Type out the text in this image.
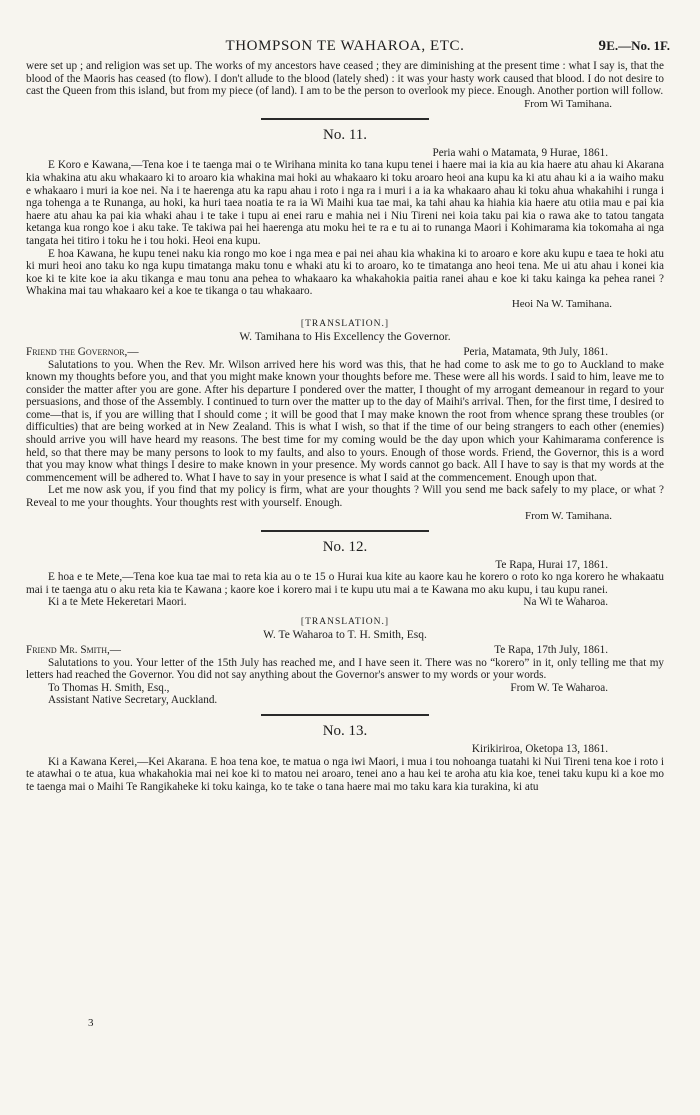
THOMPSON TE WAHAROA, ETC.	9 E.—No. 1F.

were set up ; and religion was set up. The works of my ancestors have ceased ; they are diminishing at the present time : what I say is, that the blood of the Maoris has ceased (to flow). I don't allude to the blood (lately shed) : it was your hasty work caused that blood. I do not desire to cast the Queen from this island, but from my piece (of land). I am to be the person to overlook my piece. Enough. Another portion will follow.

From Wi Tamihana.
No. 11.
Peria wahi o Matamata, 9 Hurae, 1861.

E Koro e Kawana,—Tena koe i te taenga mai o te Wirihana minita ko tana kupu tenei i haere mai ia kia au kia haere atu ahau ki Akarana kia whakina atu aku whakaaro ki to aroaro kia whakina mai hoki au whakaaro ki toku aroaro heoi ana kupu ka ki atu ahau ki a ia waiho maku e whakaaro i muri ia koe nei. Na i te haerenga atu ka rapu ahau i roto i nga ra i muri i a ia ka whakaaro ahau ki toku ahua whakahihi i runga i nga tohenga a te Runanga, au hoki, ka huri taea noatia te ra ia Wi Maihi kua tae mai, ka tahi ahau ka hiahia kia haere atu otiia mau e pai kia haere atu ahau ka pai kia whaki ahau i te take i tupu ai enei raru e mahia nei i Niu Tireni nei koia taku pai kia o rawa ake to tatou tangata ketanga kua rongo koe i aku take. Te takiwa pai hei haerenga atu moku hei te ra e tu ai to runanga Maori i Kohimarama kia tokomaha ai nga tangata hei titiro i toku he i tou hoki. Heoi ena kupu.

E hoa Kawana, he kupu tenei naku kia rongo mo koe i nga mea e pai nei ahau kia whakina ki to aroaro e kore aku kupu e taea te hoki atu ki muri heoi ano taku ko nga kupu timatanga maku tonu e whaki atu ki to aroaro, ko te timatanga ano heoi tena. Me ui atu ahau i konei kia koe ki te kite koe ia aku tikanga e mau tonu ana pehea to whakaaro ka whakahokia paitia ranei ahau e koe ki taku kainga ka pehea ranei ? Whakina mai tau whakaaro kei a koe te tikanga o tau whakaaro.

Heoi Na W. Tamihana.
[TRANSLATION.]
W. Tamihana to His Excellency the Governor.
Friend the Governor,—	Peria, Matamata, 9th July, 1861.

Salutations to you. When the Rev. Mr. Wilson arrived here his word was this, that he had come to ask me to go to Auckland to make known my thoughts before you, and that you might make known your thoughts before me. These were all his words. I said to him, leave me to consider the matter after you are gone. After his departure I pondered over the matter, I thought of my arrogant demeanour in regard to your persuasions, and those of the Assembly. I continued to turn over the matter up to the day of Maihi's arrival. Then, for the first time, I desired to come—that is, if you are willing that I should come ; it will be good that I may make known the root from whence sprang these troubles (or difficulties) that are being worked at in New Zealand. This is what I wish, so that if the time of our being strangers to each other (enemies) should arrive you will have heard my reasons. The best time for my coming would be the day upon which your Kahimarama conference is held, so that there may be many persons to look to my faults, and also to yours. Enough of those words. Friend, the Governor, this is a word that you may know what things I desire to make known in your presence. My words cannot go back. All I have to say is that my words at the commencement will be adhered to. What I have to say in your presence is what I said at the commencement. Enough upon that.

Let me now ask you, if you find that my policy is firm, what are your thoughts ? Will you send me back safely to my place, or what ? Reveal to me your thoughts. Your thoughts rest with yourself. Enough.

From W. Tamihana.
No. 12.
Te Rapa, Hurai 17, 1861.

E hoa e te Mete,—Tena koe kua tae mai to reta kia au o te 15 o Hurai kua kite au kaore kau he korero o roto ko nga korero he whakaatu mai i te taenga atu o aku reta kia te Kawana ; kaore koe i korero mai i te kupu utu mai a te Kawana mo aku kupu, i tau kupu ranei.

Ki a te Mete Hekeretari Maori.	Na Wi te Waharoa.
[TRANSLATION.]
W. Te Waharoa to T. H. Smith, Esq.
Friend Mr. Smith,—	Te Rapa, 17th July, 1861.

Salutations to you. Your letter of the 15th July has reached me, and I have seen it. There was no “korero” in it, only telling me that my letters had reached the Governor. You did not say anything about the Governor's answer to my words or your words.

To Thomas H. Smith, Esq.,	From W. Te Waharoa.
Assistant Native Secretary, Auckland.
No. 13.
Kirikiriroa, Oketopa 13, 1861.

Ki a Kawana Kerei,—Kei Akarana. E hoa tena koe, te matua o nga iwi Maori, i mua i tou nohoanga tuatahi ki Nui Tireni tena koe i roto i te atawhai o te atua, kua whakahokia mai nei koe ki to matou nei aroaro, tenei ano a hau kei te aroha atu kia koe, tenei taku kupu ki a koe mo te taenga mai o Maihi Te Rangikaheke ki toku kainga, ko te take o tana haere mai mo taku kara kia turakina, ki atu

3
